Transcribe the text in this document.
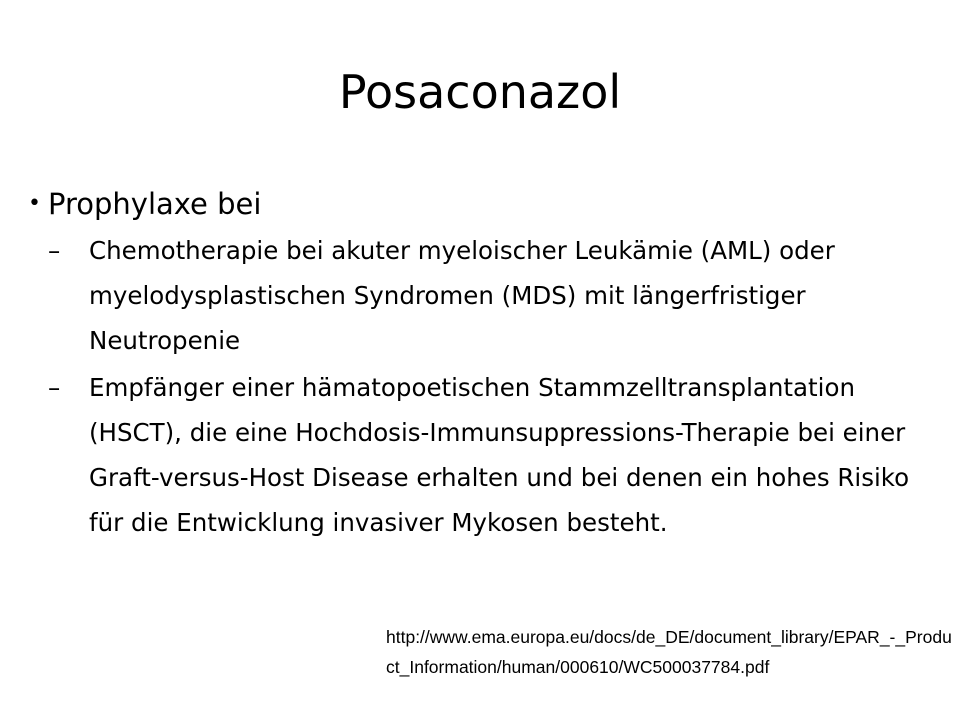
Posaconazol

• Prophylaxe bei

– Chemotherapie bei akuter myeloischer Leukämie (AML) oder myelodysplastischen Syndromen (MDS) mit längerfristiger Neutropenie

– Empfänger einer hämatopoetischen Stammzelltransplantation (HSCT), die eine Hochdosis-Immunsuppressions-Therapie bei einer Graft-versus-Host Disease erhalten und bei denen ein hohes Risiko für die Entwicklung invasiver Mykosen besteht.

http://www.ema.europa.eu/docs/de_DE/document_library/EPAR_-_Product_Information/human/000610/WC500037784.pdf
